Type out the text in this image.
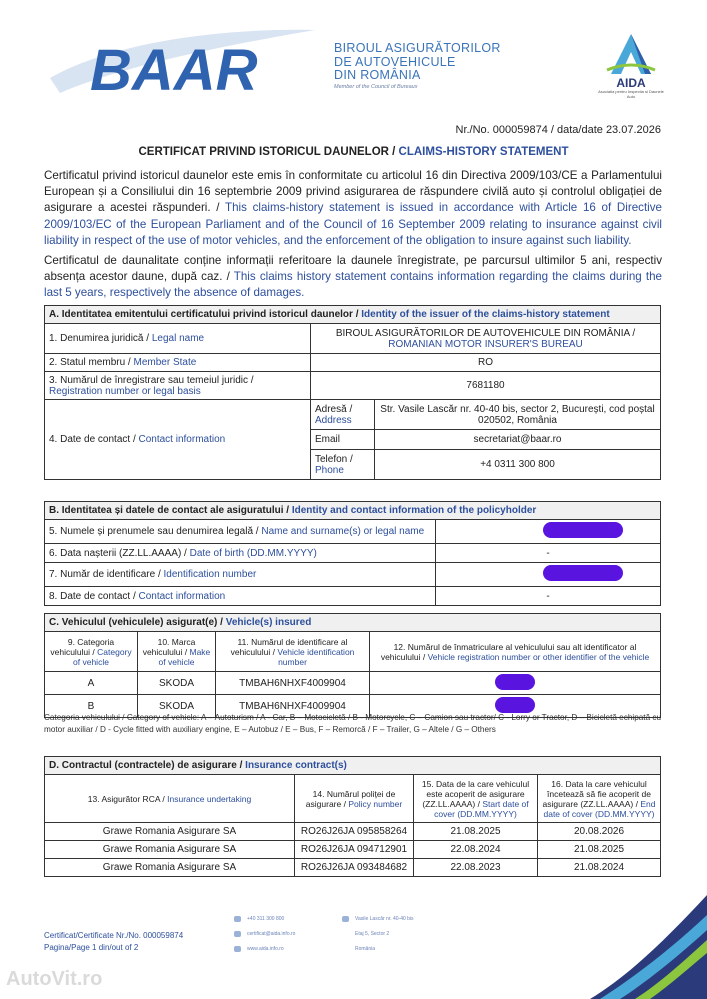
BAAR	BIROUL ASIGURĂTORILOR
DE AUTOVEHICULE
DIN ROMÂNIA
Member of the Council of Bureaux	AIDA
Asociatia pentru Inspectia si Daunele Auto
Nr./No. 000059874 / data/date 23.07.2026
CERTIFICAT PRIVIND ISTORICUL DAUNELOR / CLAIMS-HISTORY STATEMENT

Certificatul privind istoricul daunelor este emis în conformitate cu articolul 16 din Directiva 2009/103/CE a Parlamentului European și a Consiliului din 16 septembrie 2009 privind asigurarea de răspundere civilă auto și controlul obligației de asigurare a acestei răspunderi. / This claims-history statement is issued in accordance with Article 16 of Directive 2009/103/EC of the European Parliament and of the Council of 16 September 2009 relating to insurance against civil liability in respect of the use of motor vehicles, and the enforcement of the obligation to insure against such liability.

Certificatul de daunalitate conține informații referitoare la daunele înregistrate, pe parcursul ultimilor 5 ani, respectiv absența acestor daune, după caz. / This claims history statement contains information regarding the claims during the last 5 years, respectively the absence of damages.

A. Identitatea emitentului certificatului privind istoricul daunelor / Identity of the issuer of the claims-history statement		
1. Denumirea juridică / Legal name	BIROUL ASIGURĂTORILOR DE AUTOVEHICULE DIN ROMÂNIA /
ROMANIAN MOTOR INSURER'S BUREAU	
2. Statul membru / Member State	RO	
3. Numărul de înregistrare sau temeiul juridic /
Registration number or legal basis	7681180	
4. Date de contact / Contact information	Adresă /
Address	Str. Vasile Lascăr nr. 40-40 bis, sector 2, București, cod poștal 020502, România
	Email	secretariat@baar.ro
	Telefon /
Phone	+4 0311 300 800
B. Identitatea și datele de contact ale asiguratului / Identity and contact information of the policyholder	
5. Numele și prenumele sau denumirea legală / Name and surname(s) or legal name	
6. Data nașterii (ZZ.LL.AAAA) / Date of birth (DD.MM.YYYY)	-
7. Număr de identificare / Identification number	
8. Date de contact / Contact information	-
C. Vehiculul (vehiculele) asigurat(e) / Vehicle(s) insured			
9. Categoria vehiculului / Category of vehicle	10. Marca vehiculului / Make of vehicle	11. Numărul de identificare al vehiculului / Vehicle identification number	12. Numărul de înmatriculare al vehiculului sau alt identificator al vehiculului / Vehicle registration number or other identifier of the vehicle
A	SKODA	TMBAH6NHXF4009904	
B	SKODA	TMBAH6NHXF4009904	

Categoria vehiculului / Category of vehicle: A – Autoturism / A - Car, B – Motocicletă / B - Motorcycle, C – Camion sau tractor/ C - Lorry or Tractor, D – Bicicletă echipată cu motor auxiliar / D - Cycle fitted with auxiliary engine, E – Autobuz / E – Bus, F – Remorcă / F – Trailer, G – Altele / G – Others

D. Contractul (contractele) de asigurare / Insurance contract(s)			
13. Asigurător RCA / Insurance undertaking	14. Numărul poliței de asigurare / Policy number	15. Data de la care vehiculul este acoperit de asigurare (ZZ.LL.AAAA) / Start date of cover (DD.MM.YYYY)	16. Data la care vehiculul încetează să fie acoperit de asigurare (ZZ.LL.AAAA) / End date of cover (DD.MM.YYYY)
Grawe Romania Asigurare SA	RO26J26JA 095858264	21.08.2025	20.08.2026
Grawe Romania Asigurare SA	RO26J26JA 094712901	22.08.2024	21.08.2025
Grawe Romania Asigurare SA	RO26J26JA 093484682	22.08.2023	21.08.2024
Certificat/Certificate Nr./No. 000059874
Pagina/Page 1 din/out of 2
+40 311 300 800
certificat@aida.info.ro
www.aida.info.ro
Vasile Lascăr nr. 40-40 bis
Etaj 5, Sector 2
România
AutoVit.ro
